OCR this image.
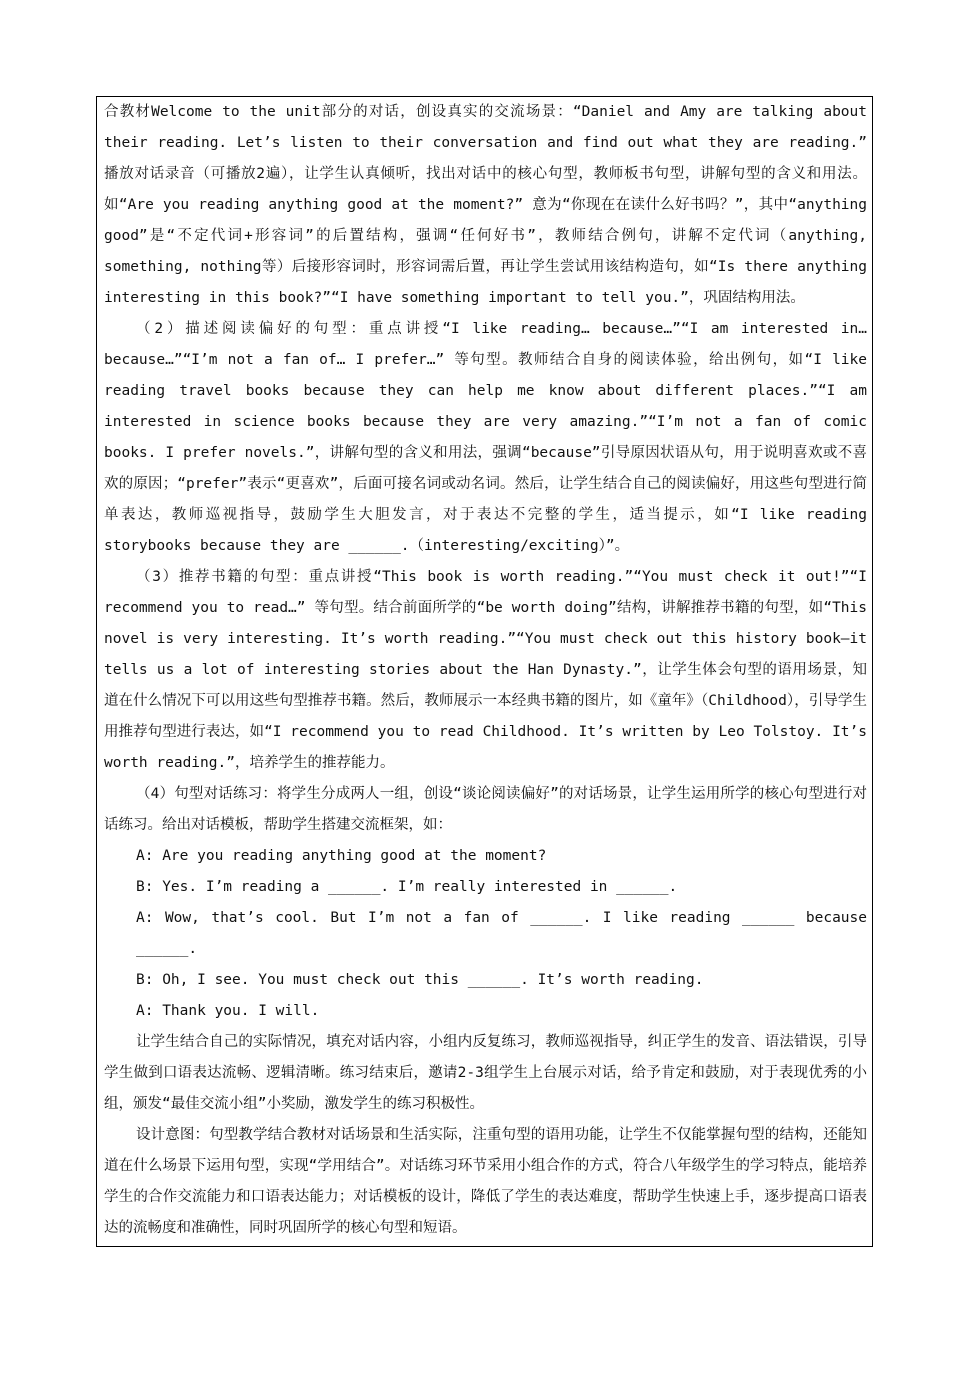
合教材Welcome to the unit部分的对话，创设真实的交流场景：“Daniel and Amy are talking about their reading. Let’s listen to their conversation and find out what they are reading.” 播放对话录音（可播放2遍），让学生认真倾听，找出对话中的核心句型，教师板书句型，讲解句型的含义和用法。如“Are you reading anything good at the moment?” 意为“你现在在读什么好书吗？”，其中“anything good”是“不定代词+形容词”的后置结构，强调“任何好书”，教师结合例句，讲解不定代词（anything, something, nothing等）后接形容词时，形容词需后置，再让学生尝试用该结构造句，如“Is there anything interesting in this book?”“I have something important to tell you.”，巩固结构用法。

（2）描述阅读偏好的句型：重点讲授“I like reading… because…”“I am interested in… because…”“I’m not a fan of… I prefer…” 等句型。教师结合自身的阅读体验，给出例句，如“I like reading travel books because they can help me know about different places.”“I am interested in science books because they are very amazing.”“I’m not a fan of comic books. I prefer novels.”，讲解句型的含义和用法，强调“because”引导原因状语从句，用于说明喜欢或不喜欢的原因；“prefer”表示“更喜欢”，后面可接名词或动名词。然后，让学生结合自己的阅读偏好，用这些句型进行简单表达，教师巡视指导，鼓励学生大胆发言，对于表达不完整的学生，适当提示，如“I like reading storybooks because they are ______.（interesting/exciting）”。

（3）推荐书籍的句型：重点讲授“This book is worth reading.”“You must check it out!”“I recommend you to read…” 等句型。结合前面所学的“be worth doing”结构，讲解推荐书籍的句型，如“This novel is very interesting. It’s worth reading.”“You must check out this history book—it tells us a lot of interesting stories about the Han Dynasty.”，让学生体会句型的语用场景，知道在什么情况下可以用这些句型推荐书籍。然后，教师展示一本经典书籍的图片，如《童年》（Childhood），引导学生用推荐句型进行表达，如“I recommend you to read Childhood. It’s written by Leo Tolstoy. It’s worth reading.”，培养学生的推荐能力。

（4）句型对话练习：将学生分成两人一组，创设“谈论阅读偏好”的对话场景，让学生运用所学的核心句型进行对话练习。给出对话模板，帮助学生搭建交流框架，如：

A: Are you reading anything good at the moment?

B: Yes. I’m reading a ______. I’m really interested in ______.

A: Wow, that’s cool. But I’m not a fan of ______. I like reading ______ because ______.

B: Oh, I see. You must check out this ______. It’s worth reading.

A: Thank you. I will.

让学生结合自己的实际情况，填充对话内容，小组内反复练习，教师巡视指导，纠正学生的发音、语法错误，引导学生做到口语表达流畅、逻辑清晰。练习结束后，邀请2-3组学生上台展示对话，给予肯定和鼓励，对于表现优秀的小组，颁发“最佳交流小组”小奖励，激发学生的练习积极性。

设计意图：句型教学结合教材对话场景和生活实际，注重句型的语用功能，让学生不仅能掌握句型的结构，还能知道在什么场景下运用句型，实现“学用结合”。对话练习环节采用小组合作的方式，符合八年级学生的学习特点，能培养学生的合作交流能力和口语表达能力；对话模板的设计，降低了学生的表达难度，帮助学生快速上手，逐步提高口语表达的流畅度和准确性，同时巩固所学的核心句型和短语。
